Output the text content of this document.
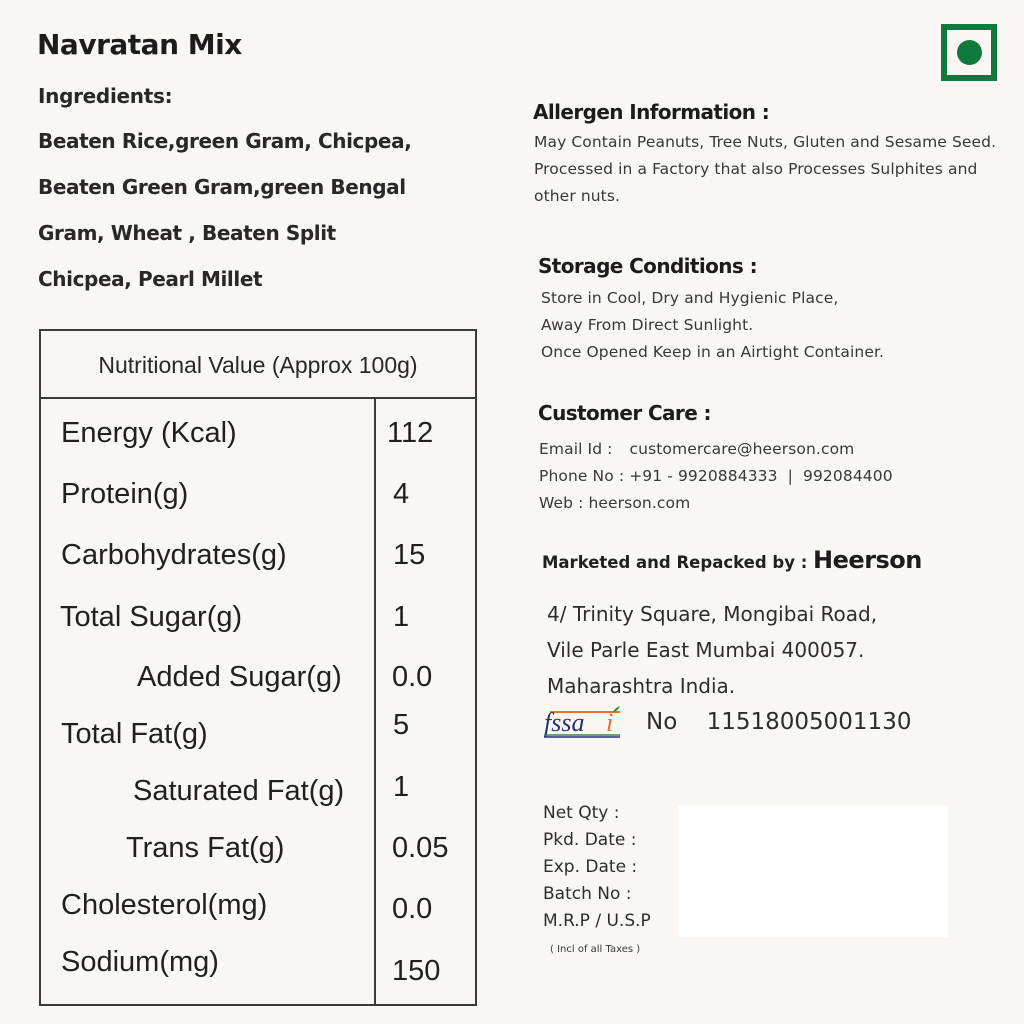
Navratan Mix
Ingredients:
Beaten Rice,green Gram, Chicpea,
Beaten Green Gram,green Bengal
Gram, Wheat , Beaten Split
Chicpea, Pearl Millet
Nutritional Value (Approx 100g)
Energy (Kcal)	112
Protein(g)	4
Carbohydrates(g)	15
Total Sugar(g)	1
Added Sugar(g) 0.0
Total Fat(g)	5
Saturated Fat(g) 1
Trans Fat(g)	0.05
Cholesterol(mg)	0.0
Sodium(mg)	150
Allergen Information :
May Contain Peanuts, Tree Nuts, Gluten and Sesame Seed.
Processed in a Factory that also Processes Sulphites and
other nuts.
Storage Conditions :
Store in Cool, Dry and Hygienic Place,
Away From Direct Sunlight.
Once Opened Keep in an Airtight Container.
Customer Care :
Email Id : customercare@heerson.com
Phone No : +91 - 9920884333  |  992084400
Web : heerson.com
Marketed and Repacked by : Heerson
4/ Trinity Square, Mongibai Road,
Vile Parle East Mumbai 400057.
Maharashtra India.
fssa i No 11518005001130
Net Qty :
Pkd. Date :
Exp. Date :
Batch No :
M.R.P / U.S.P
( Incl of all Taxes )
